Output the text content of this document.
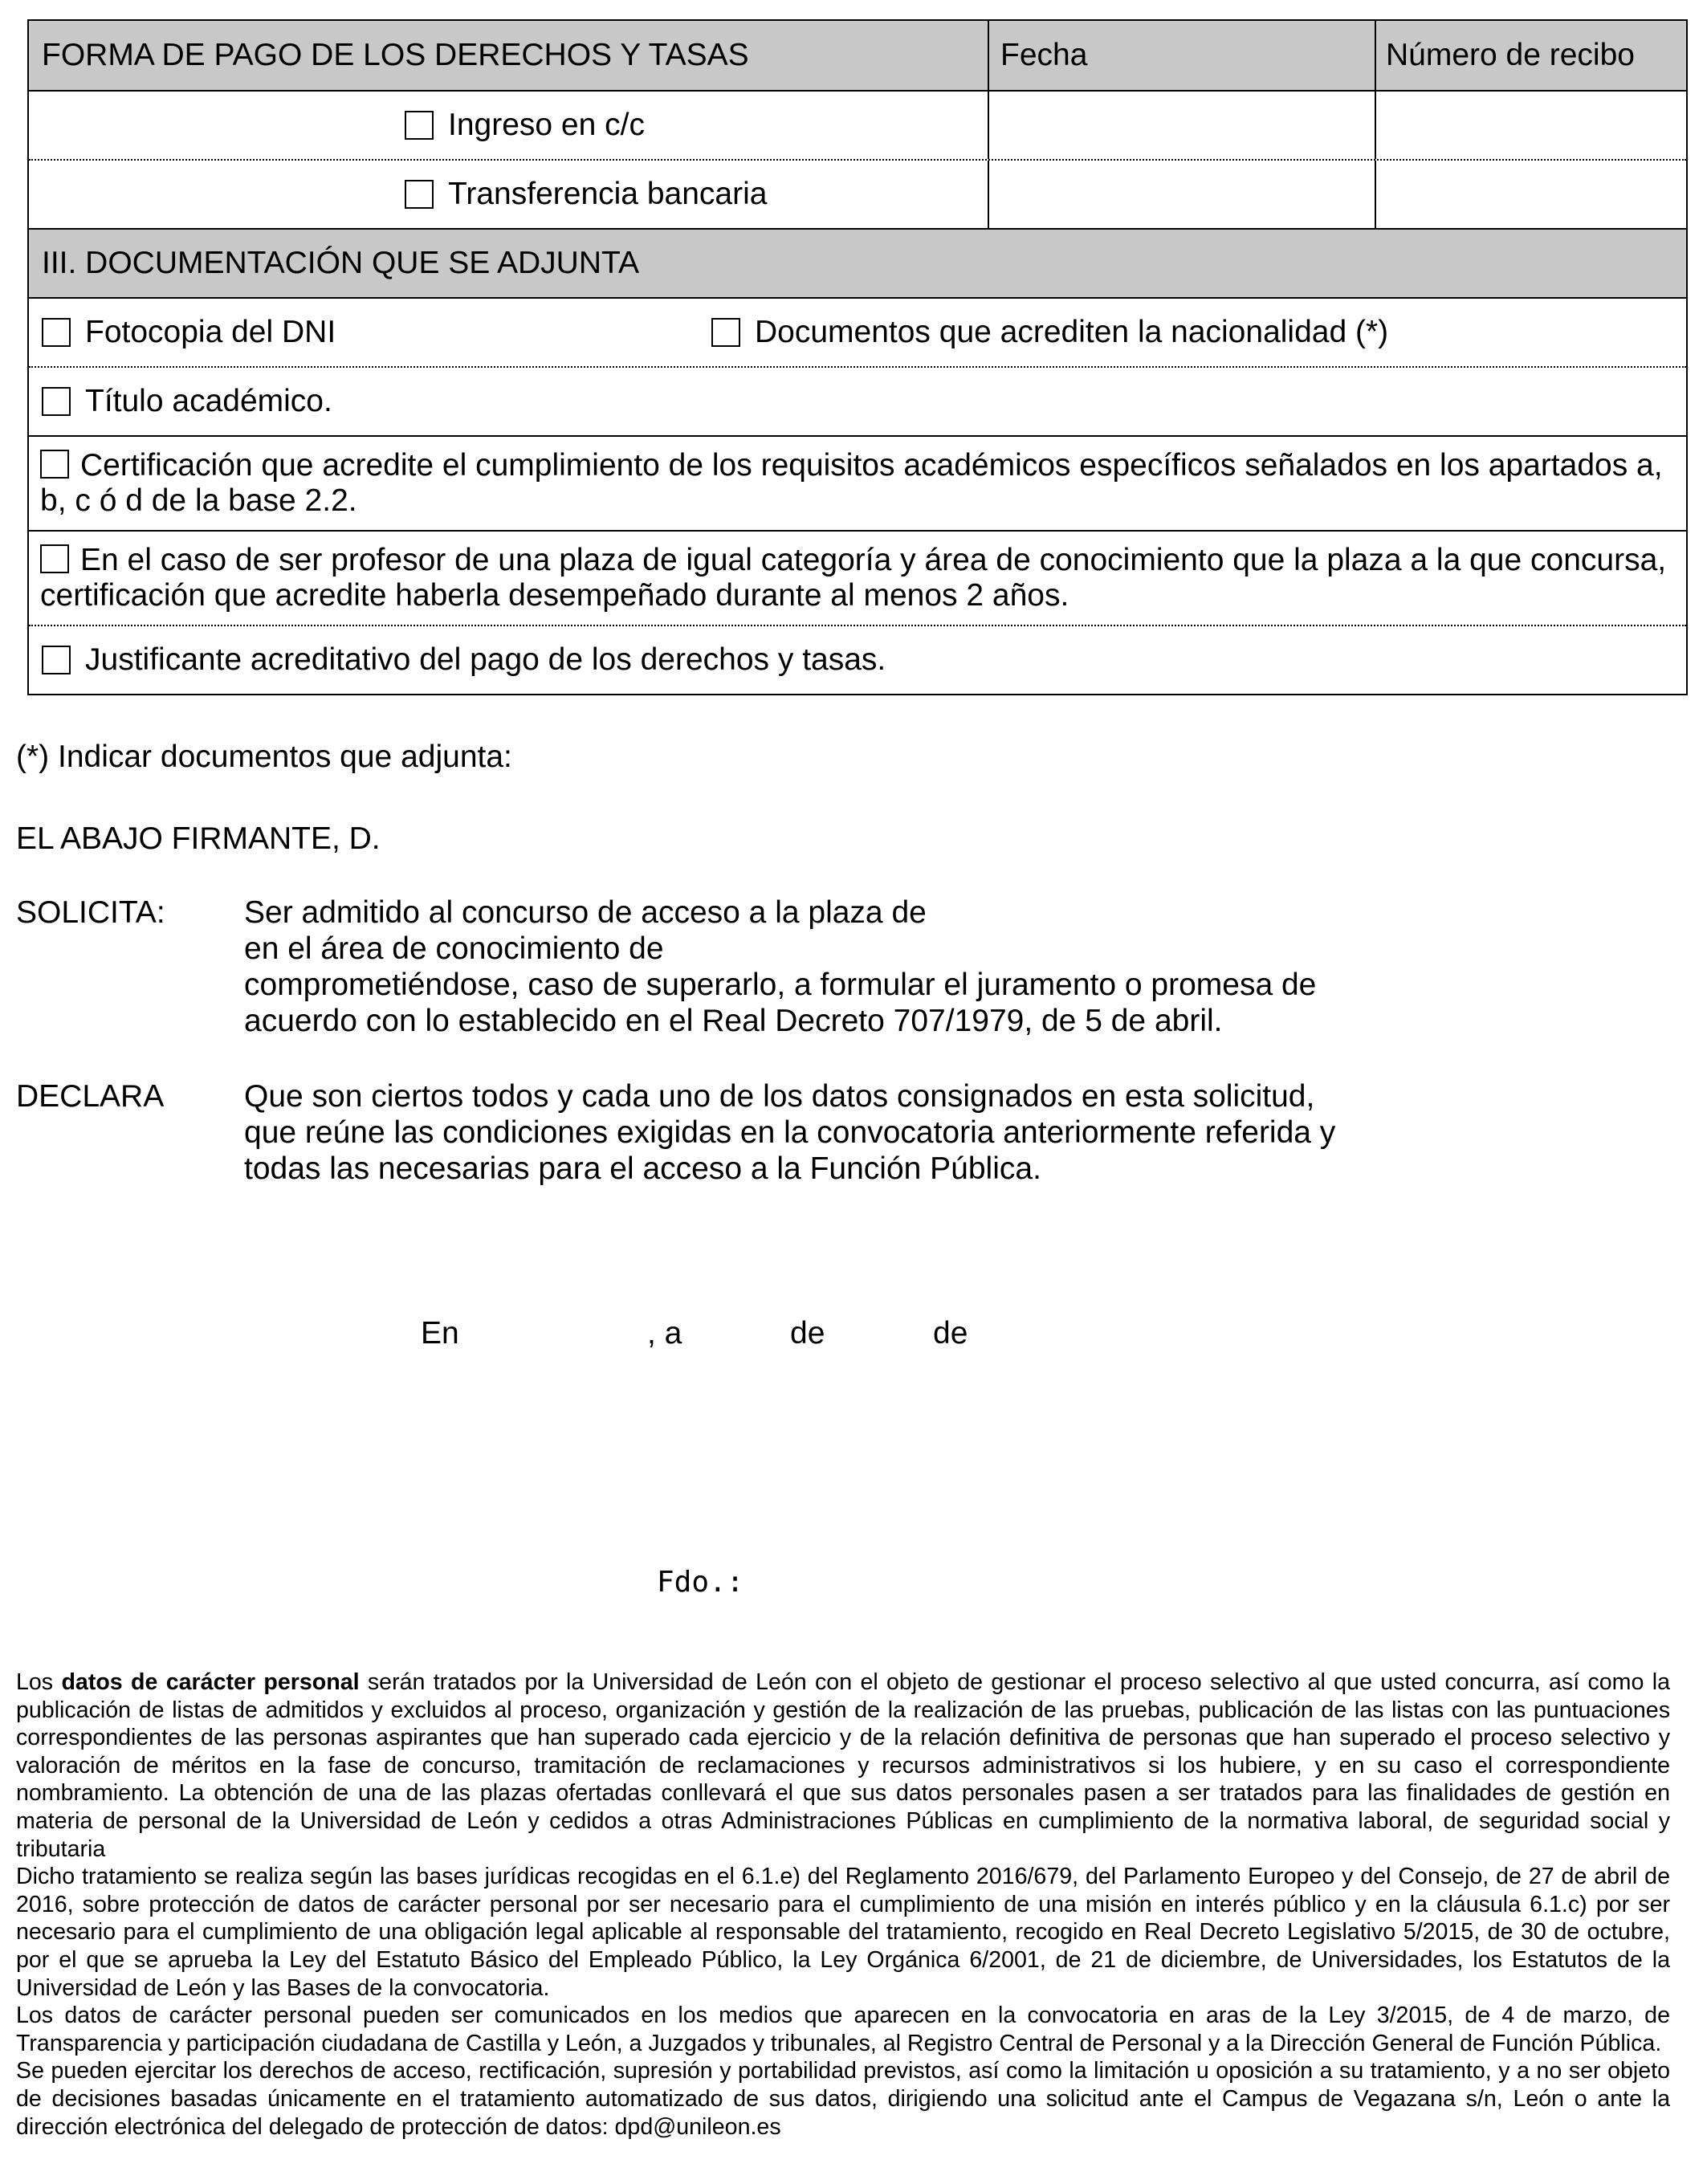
FORMA DE PAGO DE LOS DERECHOS Y TASAS	Fecha	Número de recibo
Ingreso en c/c
Transferencia bancaria
III. DOCUMENTACIÓN QUE SE ADJUNTA
Fotocopia del DNI	Documentos que acrediten la nacionalidad (*)
Título académico.
Certificación que acredite el cumplimiento de los requisitos académicos específicos señalados en los apartados a, b, c ó d de la base 2.2.
En el caso de ser profesor de una plaza de igual categoría y área de conocimiento que la plaza a la que concursa, certificación que acredite haberla desempeñado durante al menos 2 años.
Justificante acreditativo del pago de los derechos y tasas.
(*) Indicar documentos que adjunta:
EL ABAJO FIRMANTE, D.
SOLICITA:	Ser admitido al concurso de acceso a la plaza de
en el área de conocimiento de
comprometiéndose, caso de superarlo, a formular el juramento o promesa de
acuerdo con lo establecido en el Real Decreto 707/1979, de 5 de abril.
DECLARA	Que son ciertos todos y cada uno de los datos consignados en esta solicitud,
que reúne las condiciones exigidas en la convocatoria anteriormente referida y
todas las necesarias para el acceso a la Función Pública.
En	, a	de	de
Fdo.:

Los datos de carácter personal serán tratados por la Universidad de León con el objeto de gestionar el proceso selectivo al que usted concurra, así como la publicación de listas de admitidos y excluidos al proceso, organización y gestión de la realización de las pruebas, publicación de las listas con las puntuaciones correspondientes de las personas aspirantes que han superado cada ejercicio y de la relación definitiva de personas que han superado el proceso selectivo y valoración de méritos en la fase de concurso, tramitación de reclamaciones y recursos administrativos si los hubiere, y en su caso el correspondiente nombramiento. La obtención de una de las plazas ofertadas conllevará el que sus datos personales pasen a ser tratados para las finalidades de gestión en materia de personal de la Universidad de León y cedidos a otras Administraciones Públicas en cumplimiento de la normativa laboral, de seguridad social y tributaria

Dicho tratamiento se realiza según las bases jurídicas recogidas en el 6.1.e) del Reglamento 2016/679, del Parlamento Europeo y del Consejo, de 27 de abril de 2016, sobre protección de datos de carácter personal por ser necesario para el cumplimiento de una misión en interés público y en la cláusula 6.1.c) por ser necesario para el cumplimiento de una obligación legal aplicable al responsable del tratamiento, recogido en Real Decreto Legislativo 5/2015, de 30 de octubre, por el que se aprueba la Ley del Estatuto Básico del Empleado Público, la Ley Orgánica 6/2001, de 21 de diciembre, de Universidades, los Estatutos de la Universidad de León y las Bases de la convocatoria.

Los datos de carácter personal pueden ser comunicados en los medios que aparecen en la convocatoria en aras de la Ley 3/2015, de 4 de marzo, de Transparencia y participación ciudadana de Castilla y León, a Juzgados y tribunales, al Registro Central de Personal y a la Dirección General de Función Pública.

Se pueden ejercitar los derechos de acceso, rectificación, supresión y portabilidad previstos, así como la limitación u oposición a su tratamiento, y a no ser objeto de decisiones basadas únicamente en el tratamiento automatizado de sus datos, dirigiendo una solicitud ante el Campus de Vegazana s/n, León o ante la dirección electrónica del delegado de protección de datos: dpd@unileon.es
